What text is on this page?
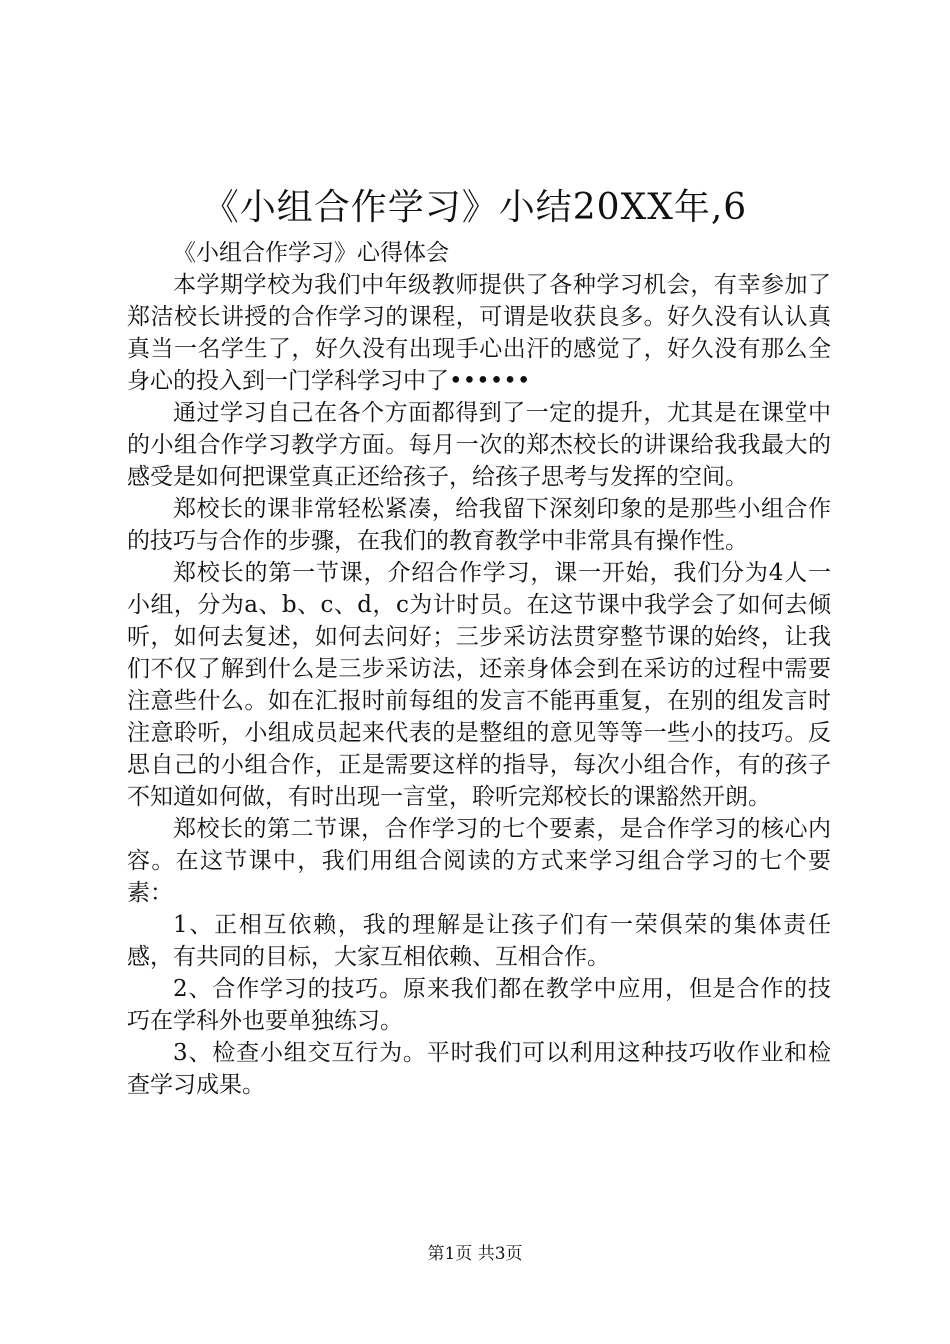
《小组合作学习》小结20XX年,6

《小组合作学习》心得体会

本学期学校为我们中年级教师提供了各种学习机会，有幸参加了郑洁校长讲授的合作学习的课程，可谓是收获良多。好久没有认认真真当一名学生了，好久没有出现手心出汗的感觉了，好久没有那么全身心的投入到一门学科学习中了••••••

通过学习自己在各个方面都得到了一定的提升，尤其是在课堂中的小组合作学习教学方面。每月一次的郑杰校长的讲课给我我最大的感受是如何把课堂真正还给孩子，给孩子思考与发挥的空间。

郑校长的课非常轻松紧凑，给我留下深刻印象的是那些小组合作的技巧与合作的步骤，在我们的教育教学中非常具有操作性。

郑校长的第一节课，介绍合作学习，课一开始，我们分为4人一小组，分为a、b、c、d，c为计时员。在这节课中我学会了如何去倾听，如何去复述，如何去问好；三步采访法贯穿整节课的始终，让我们不仅了解到什么是三步采访法，还亲身体会到在采访的过程中需要注意些什么。如在汇报时前每组的发言不能再重复，在别的组发言时注意聆听，小组成员起来代表的是整组的意见等等一些小的技巧。反思自己的小组合作，正是需要这样的指导，每次小组合作，有的孩子不知道如何做，有时出现一言堂，聆听完郑校长的课豁然开朗。

郑校长的第二节课，合作学习的七个要素，是合作学习的核心内容。在这节课中，我们用组合阅读的方式来学习组合学习的七个要素：

1、正相互依赖，我的理解是让孩子们有一荣俱荣的集体责任感，有共同的目标，大家互相依赖、互相合作。

2、合作学习的技巧。原来我们都在教学中应用，但是合作的技巧在学科外也要单独练习。

3、检查小组交互行为。平时我们可以利用这种技巧收作业和检查学习成果。

第1页 共3页
